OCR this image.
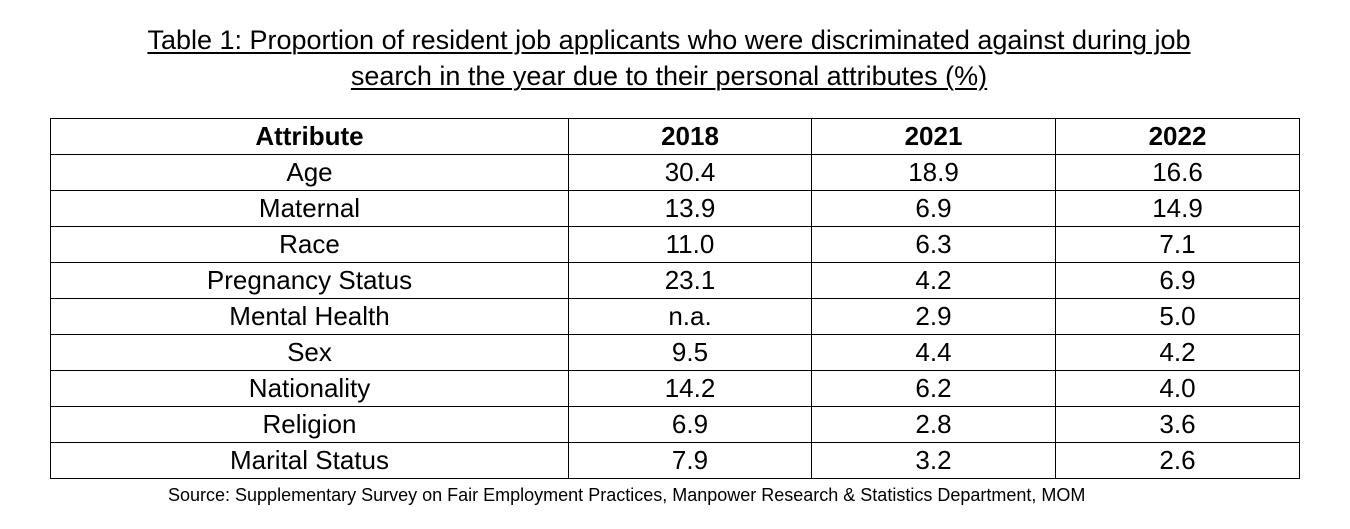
Table 1: Proportion of resident job applicants who were discriminated against during job
search in the year due to their personal attributes (%)
Attribute	2018	2021	2022
Age	30.4	18.9	16.6
Maternal	13.9	6.9	14.9
Race	11.0	6.3	7.1
Pregnancy Status	23.1	4.2	6.9
Mental Health	n.a.	2.9	5.0
Sex	9.5	4.4	4.2
Nationality	14.2	6.2	4.0
Religion	6.9	2.8	3.6
Marital Status	7.9	3.2	2.6
Source: Supplementary Survey on Fair Employment Practices, Manpower Research & Statistics Department, MOM
